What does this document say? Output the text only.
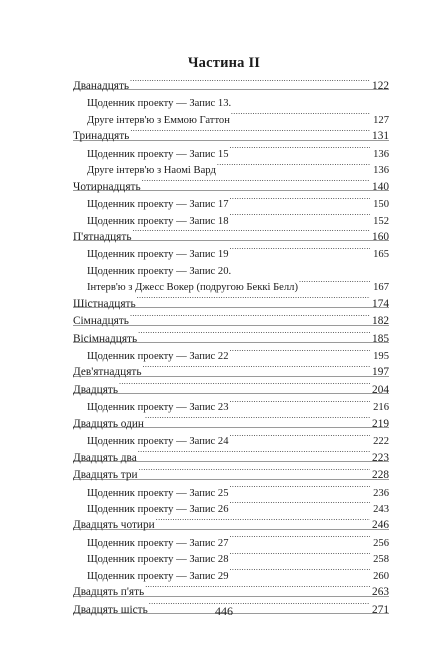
Частина II
Дванадцять .....	122
Щоденник проекту — Запис 13.
Друге інтерв'ю з Еммою Гаттон .....	127
Тринадцять .....	131
Щоденник проекту — Запис 15 .....	136
Друге інтерв'ю з Наомі Вард .....	136
Чотирнадцять .....	140
Щоденник проекту — Запис 17 .....	150
Щоденник проекту — Запис 18 .....	152
П'ятнадцять .....	160
Щоденник проекту — Запис 19 .....	165
Щоденник проекту — Запис 20.
Інтерв'ю з Джесс Вокер (подругою Беккі Белл) .....	167
Шістнадцять .....	174
Сімнадцять .....	182
Вісімнадцять .....	185
Щоденник проекту — Запис 22 .....	195
Дев'ятнадцять .....	197
Двадцять .....	204
Щоденник проекту — Запис 23 .....	216
Двадцять один .....	219
Щоденник проекту — Запис 24 .....	222
Двадцять два .....	223
Двадцять три .....	228
Щоденник проекту — Запис 25 .....	236
Щоденник проекту — Запис 26 .....	243
Двадцять чотири .....	246
Щоденник проекту — Запис 27 .....	256
Щоденник проекту — Запис 28 .....	258
Щоденник проекту — Запис 29 .....	260
Двадцять п'ять .....	263
Двадцять шість .....	271
446
